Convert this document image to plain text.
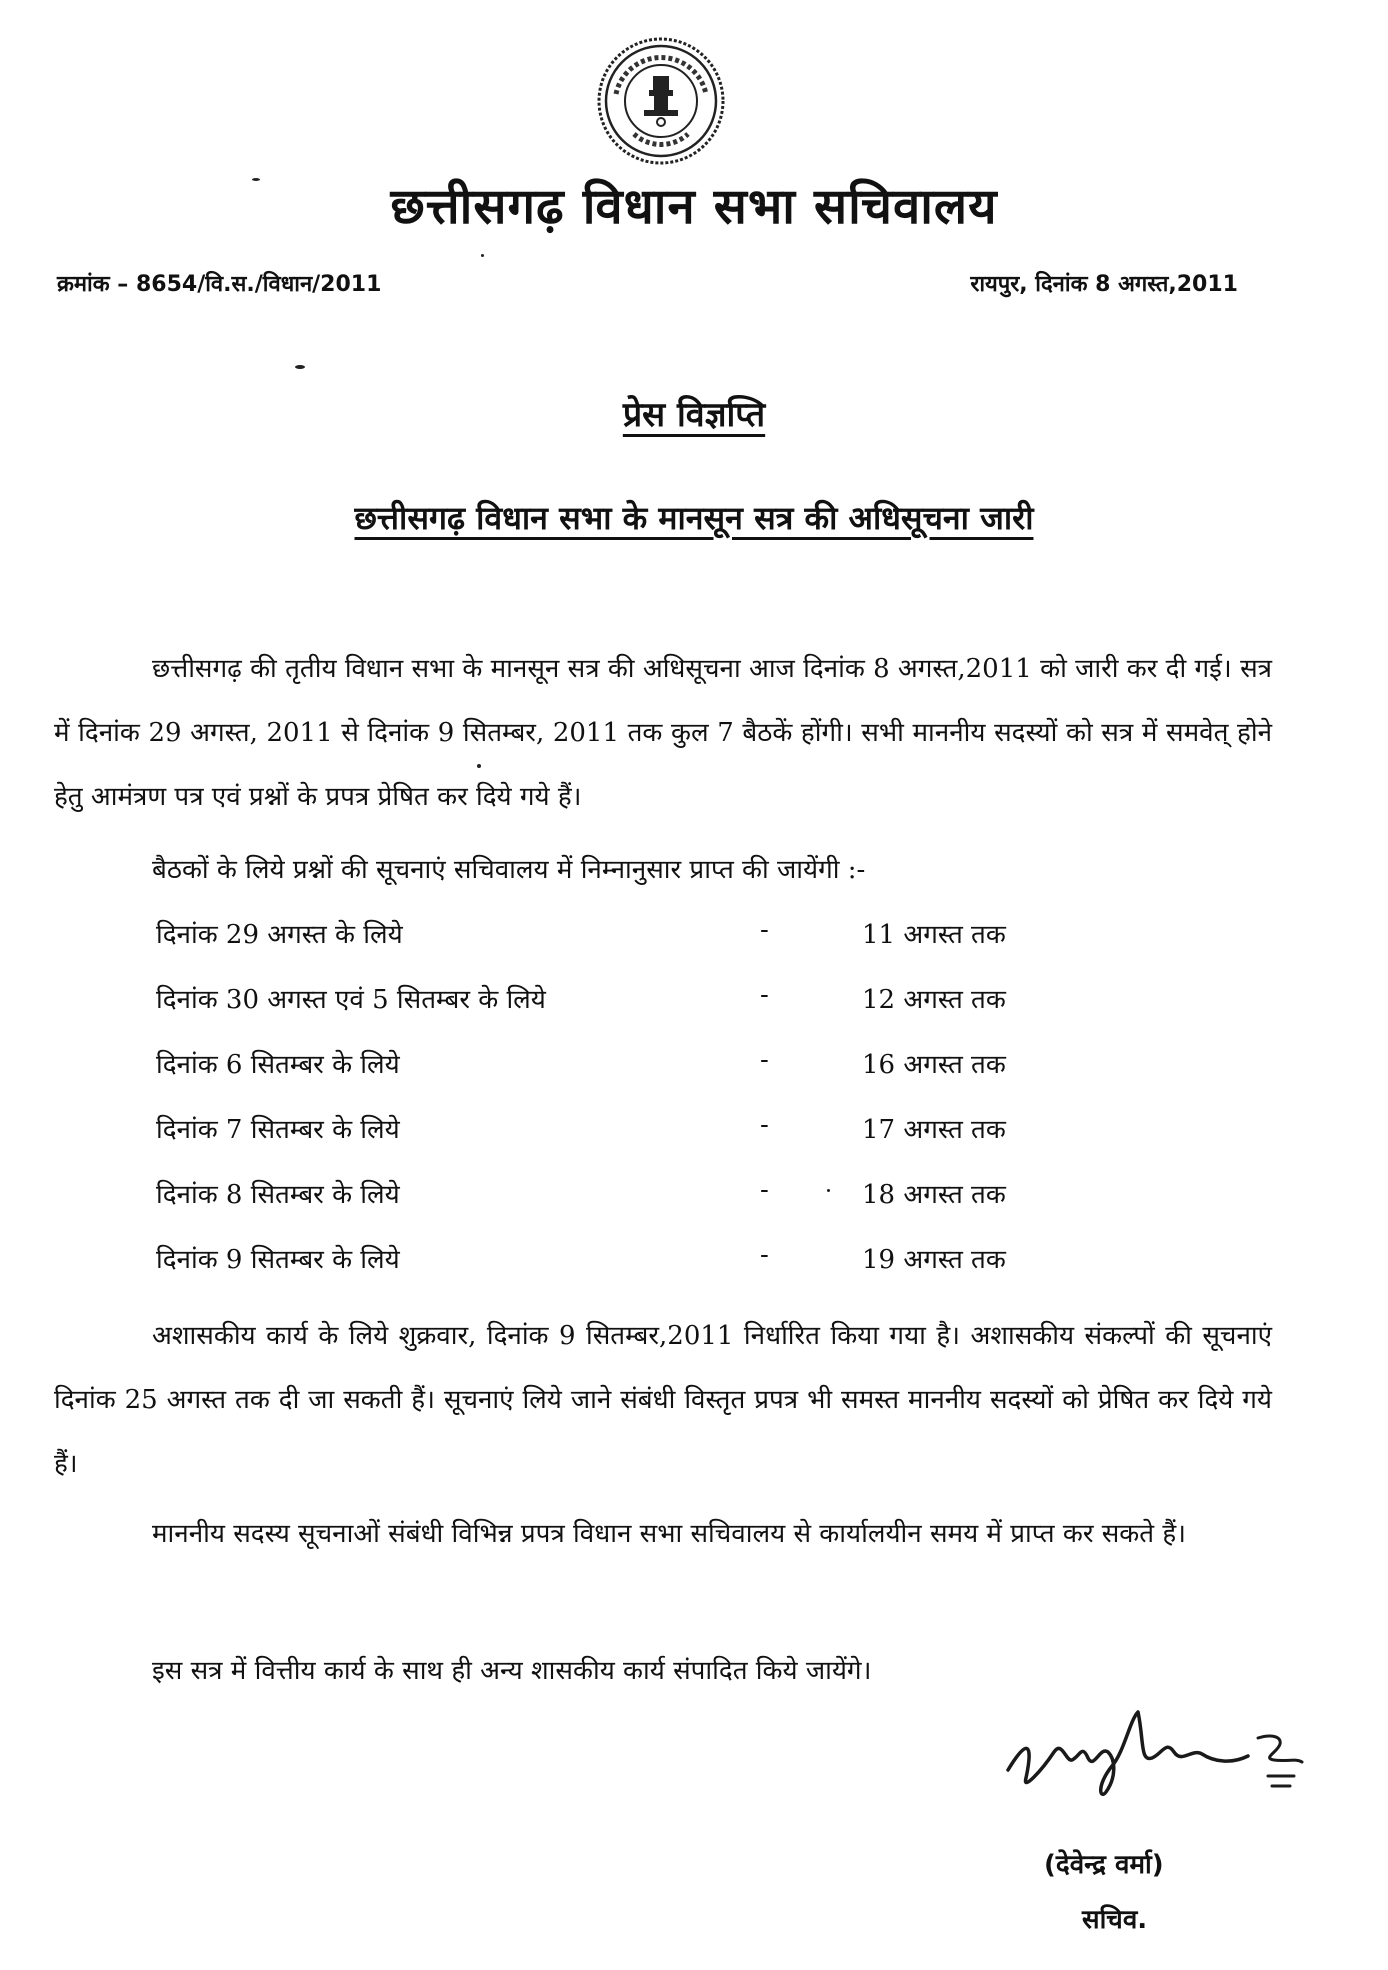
छत्तीसगढ़ विधान सभा सचिवालय
क्रमांक – 8654/वि.स./विधान/2011	रायपुर, दिनांक 8 अगस्त,2011
प्रेस विज्ञप्ति
छत्तीसगढ़ विधान सभा के मानसून सत्र की अधिसूचना जारी

छत्तीसगढ़ की तृतीय विधान सभा के मानसून सत्र की अधिसूचना आज दिनांक 8 अगस्त,2011 को जारी कर दी गई। सत्र में दिनांक 29 अगस्त, 2011 से दिनांक 9 सितम्बर, 2011 तक कुल 7 बैठकें होंगी। सभी माननीय सदस्यों को सत्र में समवेत् होने हेतु आमंत्रण पत्र एवं प्रश्नों के प्रपत्र प्रेषित कर दिये गये हैं।

बैठकों के लिये प्रश्नों की सूचनाएं सचिवालय में निम्नानुसार प्राप्त की जायेंगी :-

दिनांक 29 अगस्त के लिये	-	11 अगस्त तक
दिनांक 30 अगस्त एवं 5 सितम्बर के लिये	-	12 अगस्त तक
दिनांक 6 सितम्बर के लिये	-	16 अगस्त तक
दिनांक 7 सितम्बर के लिये	-	17 अगस्त तक
दिनांक 8 सितम्बर के लिये	-	18 अगस्त तक
दिनांक 9 सितम्बर के लिये	-	19 अगस्त तक

अशासकीय कार्य के लिये शुक्रवार, दिनांक 9 सितम्बर,2011 निर्धारित किया गया है। अशासकीय संकल्पों की सूचनाएं दिनांक 25 अगस्त तक दी जा सकती हैं। सूचनाएं लिये जाने संबंधी विस्तृत प्रपत्र भी समस्त माननीय सदस्यों को प्रेषित कर दिये गये हैं।

माननीय सदस्य सूचनाओं संबंधी विभिन्न प्रपत्र विधान सभा सचिवालय से कार्यालयीन समय में प्राप्त कर सकते हैं।

इस सत्र में वित्तीय कार्य के साथ ही अन्य शासकीय कार्य संपादित किये जायेंगे।

(देवेन्द्र वर्मा)
सचिव.
